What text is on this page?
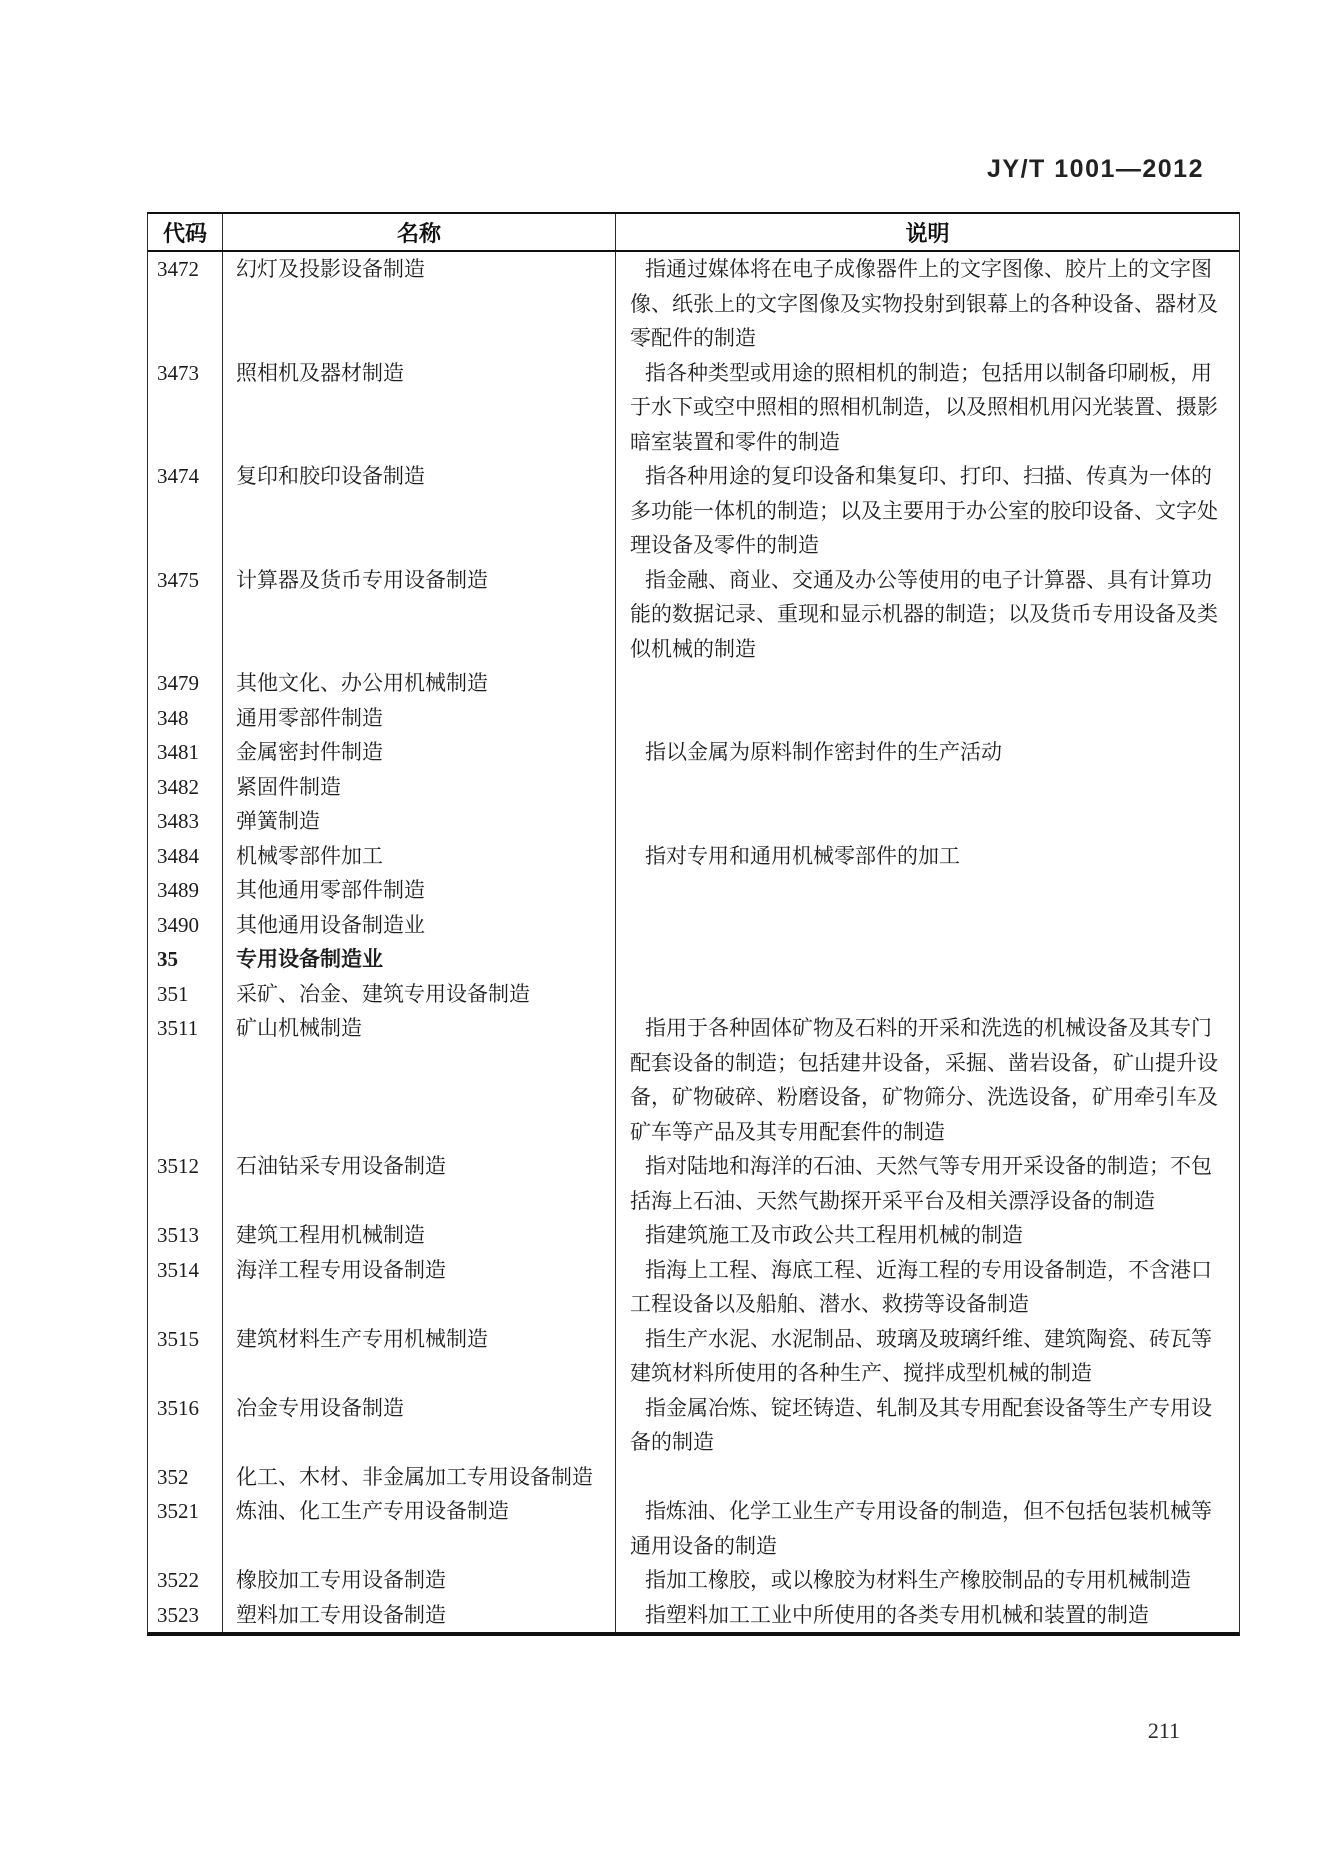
JY/T 1001—2012
代码	名称	说明
3472	幻灯及投影设备制造	指通过媒体将在电子成像器件上的文字图像、胶片上的文字图像、纸张上的文字图像及实物投射到银幕上的各种设备、器材及零配件的制造

3473	照相机及器材制造	指各种类型或用途的照相机的制造；包括用以制备印刷板，用于水下或空中照相的照相机制造，以及照相机用闪光装置、摄影暗室装置和零件的制造

3474	复印和胶印设备制造	指各种用途的复印设备和集复印、打印、扫描、传真为一体的多功能一体机的制造；以及主要用于办公室的胶印设备、文字处理设备及零件的制造

3475	计算器及货币专用设备制造	指金融、商业、交通及办公等使用的电子计算器、具有计算功能的数据记录、重现和显示机器的制造；以及货币专用设备及类似机械的制造

3479	其他文化、办公用机械制造

348	通用零部件制造

3481	金属密封件制造	指以金属为原料制作密封件的生产活动

3482	紧固件制造

3483	弹簧制造

3484	机械零部件加工	指对专用和通用机械零部件的加工

3489	其他通用零部件制造

3490	其他通用设备制造业

35	专用设备制造业

351	采矿、冶金、建筑专用设备制造

3511	矿山机械制造	指用于各种固体矿物及石料的开采和洗选的机械设备及其专门配套设备的制造；包括建井设备，采掘、凿岩设备，矿山提升设备，矿物破碎、粉磨设备，矿物筛分、洗选设备，矿用牵引车及矿车等产品及其专用配套件的制造

3512	石油钻采专用设备制造	指对陆地和海洋的石油、天然气等专用开采设备的制造；不包括海上石油、天然气勘探开采平台及相关漂浮设备的制造

3513	建筑工程用机械制造	指建筑施工及市政公共工程用机械的制造

3514	海洋工程专用设备制造	指海上工程、海底工程、近海工程的专用设备制造，不含港口工程设备以及船舶、潜水、救捞等设备制造

3515	建筑材料生产专用机械制造	指生产水泥、水泥制品、玻璃及玻璃纤维、建筑陶瓷、砖瓦等建筑材料所使用的各种生产、搅拌成型机械的制造

3516	冶金专用设备制造	指金属冶炼、锭坯铸造、轧制及其专用配套设备等生产专用设备的制造

352	化工、木材、非金属加工专用设备制造

3521	炼油、化工生产专用设备制造	指炼油、化学工业生产专用设备的制造，但不包括包装机械等通用设备的制造

3522	橡胶加工专用设备制造	指加工橡胶，或以橡胶为材料生产橡胶制品的专用机械制造

3523	塑料加工专用设备制造	指塑料加工工业中所使用的各类专用机械和装置的制造

211
